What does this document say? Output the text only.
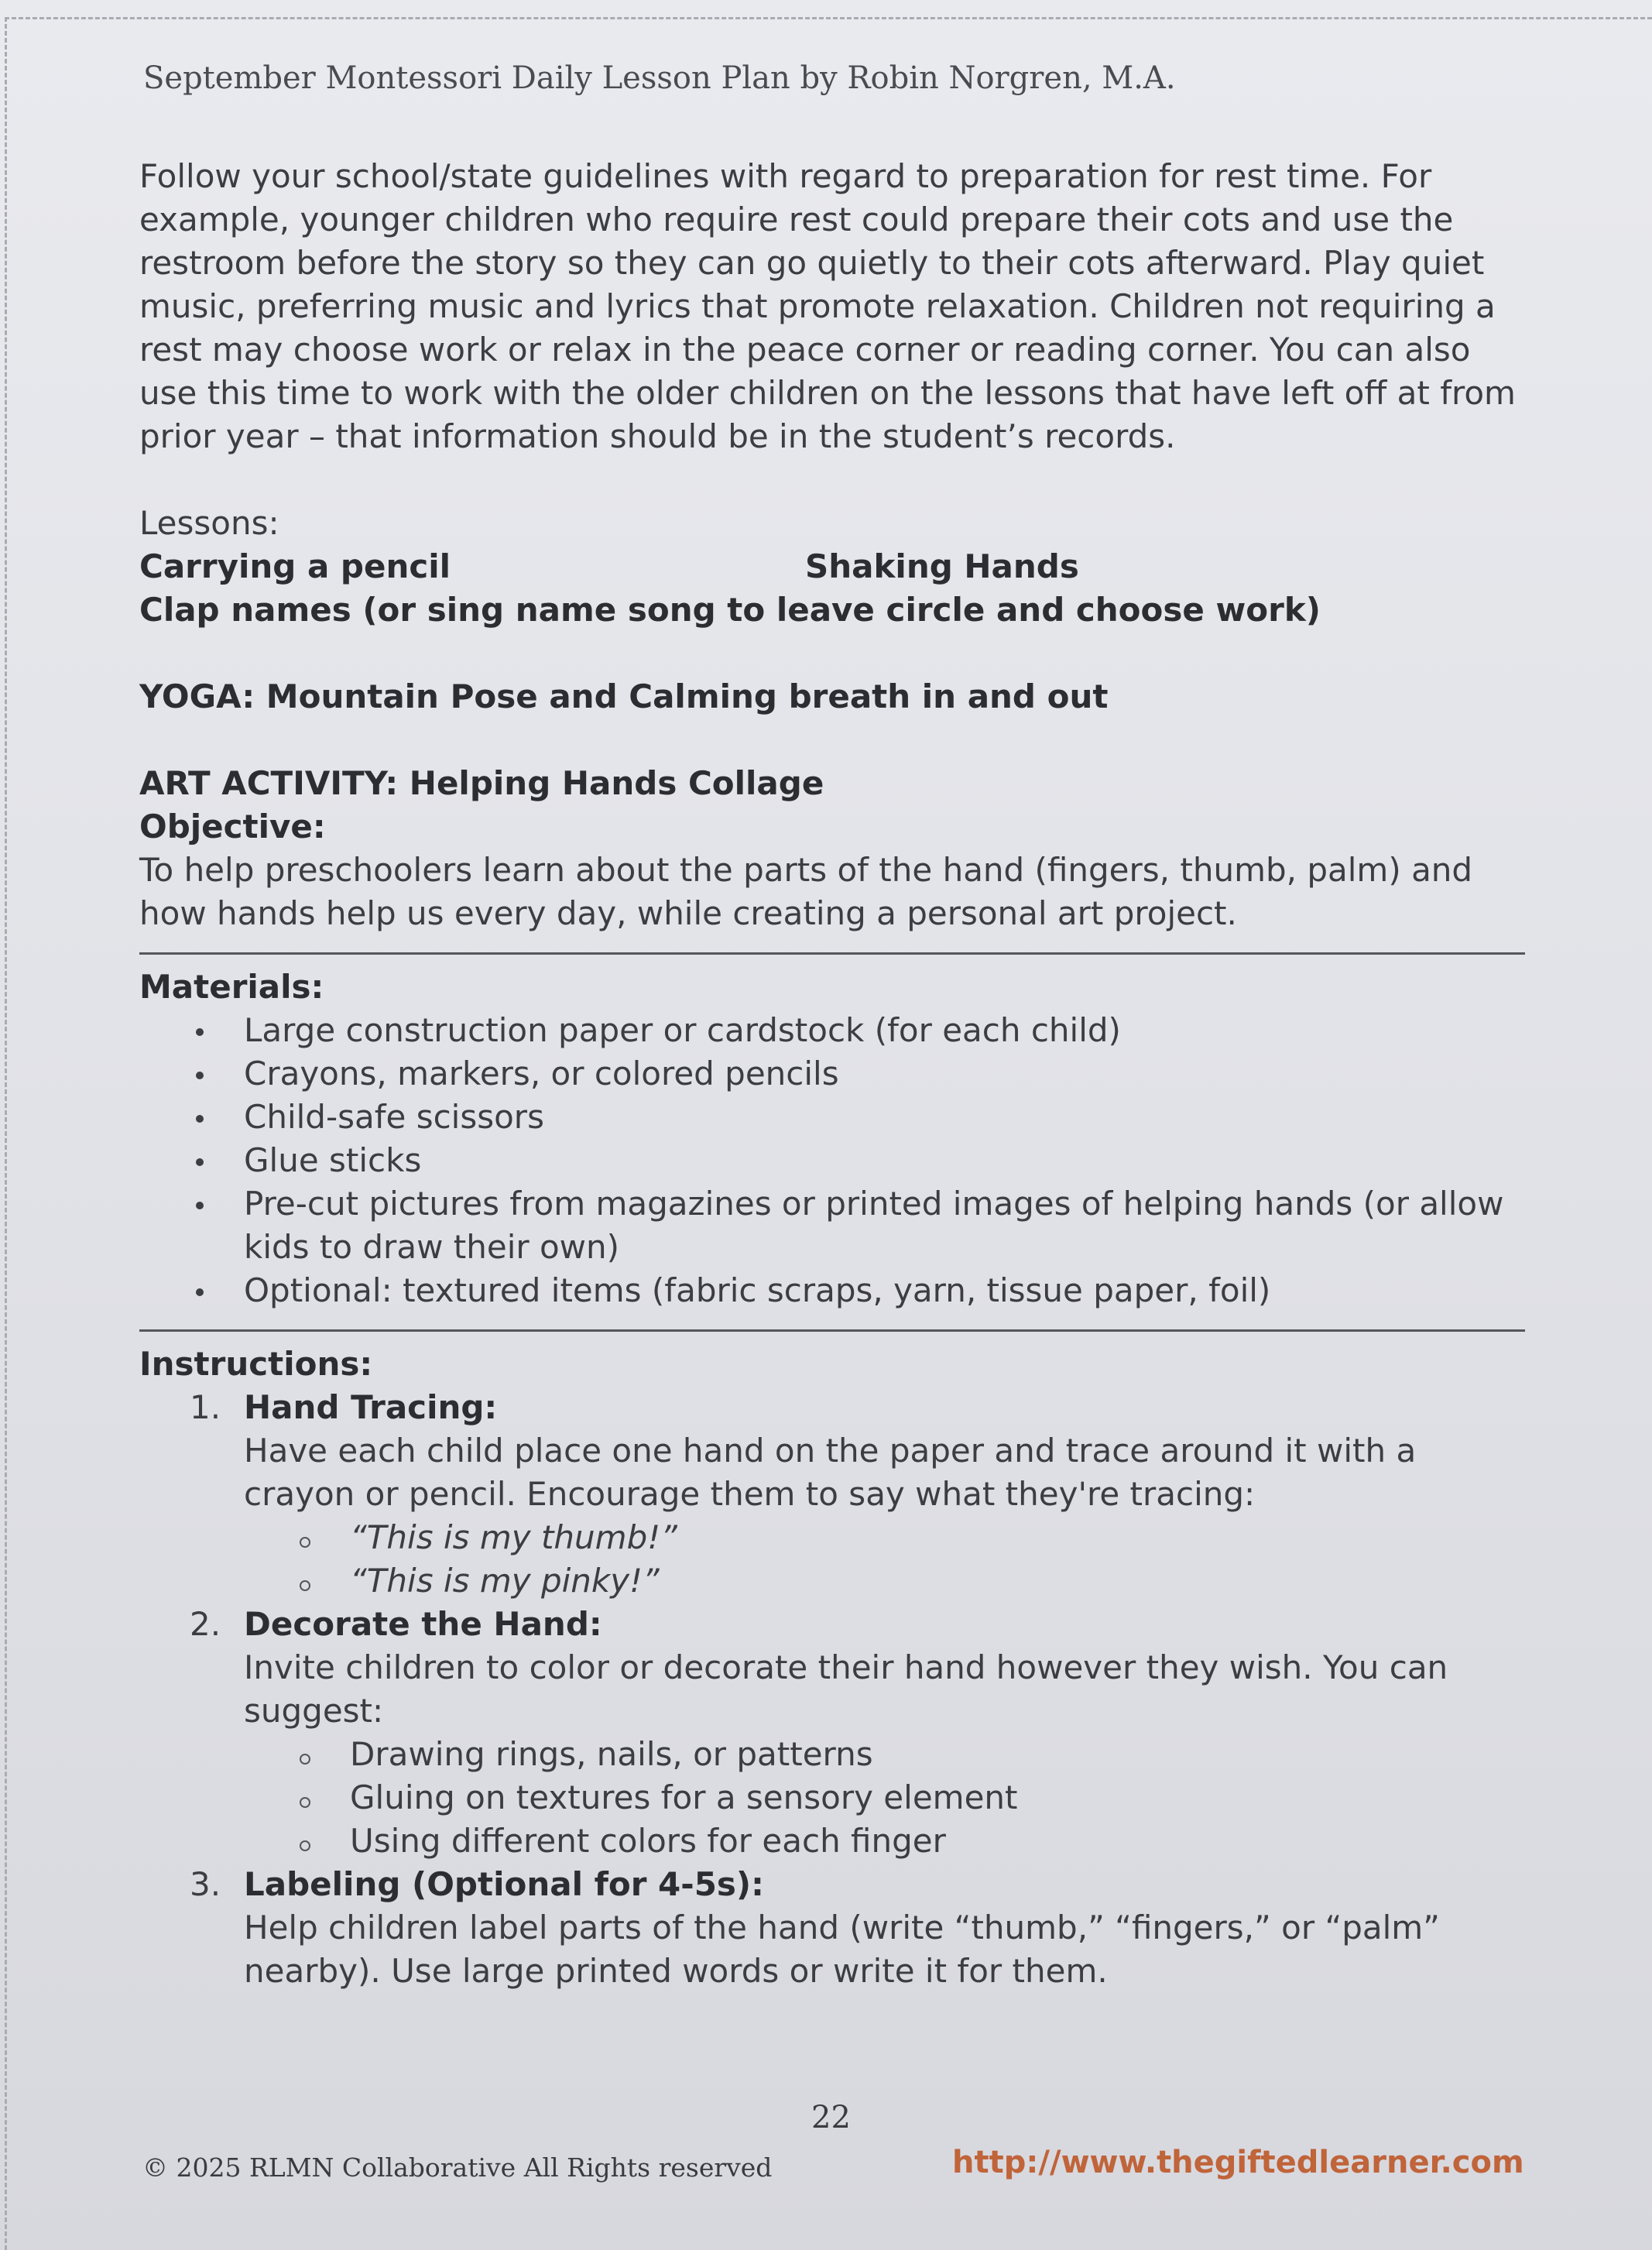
September Montessori Daily Lesson Plan by Robin Norgren, M.A.

Follow your school/state guidelines with regard to preparation for rest time. For example, younger children who require rest could prepare their cots and use the restroom before the story so they can go quietly to their cots afterward. Play quiet music, preferring music and lyrics that promote relaxation. Children not requiring a rest may choose work or relax in the peace corner or reading corner. You can also use this time to work with the older children on the lessons that have left off at from prior year – that information should be in the student’s records.

Lessons:

Carrying a pencil	Shaking Hands

Clap names (or sing name song to leave circle and choose work)

YOGA: Mountain Pose and Calming breath in and out

ART ACTIVITY: Helping Hands Collage

Objective:

To help preschoolers learn about the parts of the hand (fingers, thumb, palm) and how hands help us every day, while creating a personal art project.

Materials:

Large construction paper or cardstock (for each child)
Crayons, markers, or colored pencils
Child-safe scissors
Glue sticks
Pre-cut pictures from magazines or printed images of helping hands (or allow kids to draw their own)
Optional: textured items (fabric scraps, yarn, tissue paper, foil)

Instructions:

1. Hand Tracing:
Have each child place one hand on the paper and trace around it with a crayon or pencil. Encourage them to say what they're tracing:
“This is my thumb!”
“This is my pinky!”
2. Decorate the Hand:
Invite children to color or decorate their hand however they wish. You can suggest:
Drawing rings, nails, or patterns
Gluing on textures for a sensory element
Using different colors for each finger
3. Labeling (Optional for 4-5s):
Help children label parts of the hand (write “thumb,” “fingers,” or “palm” nearby). Use large printed words or write it for them.
22
© 2025 RLMN Collaborative All Rights reserved	http://www.thegiftedlearner.com
